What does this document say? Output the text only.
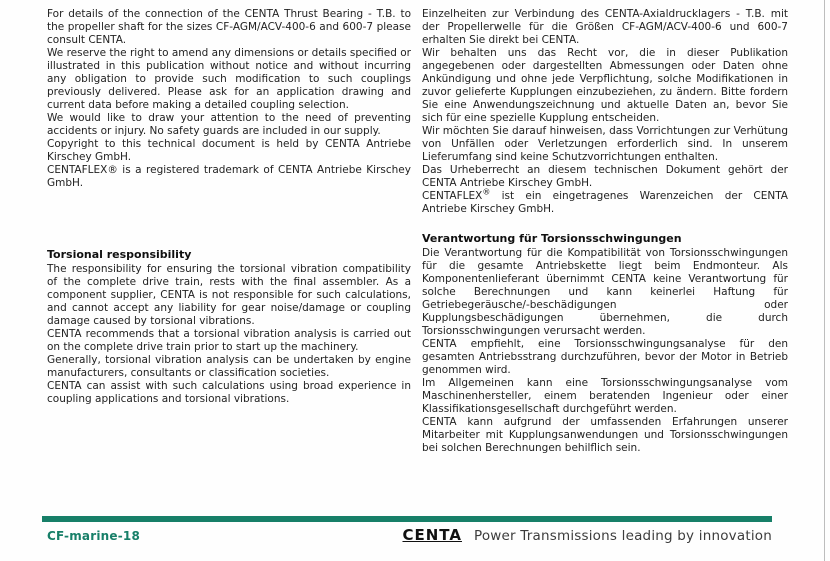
For details of the connection of the CENTA Thrust Bearing - T.B. to the propeller shaft for the sizes CF-AGM/ACV-400-6 and 600-7 please consult CENTA.

We reserve the right to amend any dimensions or details specified or illustrated in this publication without notice and without incurring any obligation to provide such modification to such couplings previously delivered. Please ask for an application drawing and current data before making a detailed coupling selection.

We would like to draw your attention to the need of preventing accidents or injury. No safety guards are included in our supply.

Copyright to this technical document is held by CENTA Antriebe Kirschey GmbH.

CENTAFLEX® is a registered trademark of CENTA Antriebe Kirschey GmbH.

Torsional responsibility

The responsibility for ensuring the torsional vibration compatibility of the complete drive train, rests with the final assembler. As a component supplier, CENTA is not responsible for such calculations, and cannot accept any liability for gear noise/damage or coupling damage caused by torsional vibrations.

CENTA recommends that a torsional vibration analysis is carried out on the complete drive train prior to start up the machinery.

Generally, torsional vibration analysis can be undertaken by engine manufacturers, consultants or classification societies.

CENTA can assist with such calculations using broad experience in coupling applications and torsional vibrations.

Einzelheiten zur Verbindung des CENTA-Axialdrucklagers - T.B. mit der Propellerwelle für die Größen CF-AGM/ACV-400-6 und 600-7 erhalten Sie direkt bei CENTA.

Wir behalten uns das Recht vor, die in dieser Publikation angegebenen oder dargestellten Abmessungen oder Daten ohne Ankündigung und ohne jede Verpflichtung, solche Modifikationen in zuvor gelieferte Kupplungen einzubeziehen, zu ändern. Bitte fordern Sie eine Anwendungszeichnung und aktuelle Daten an, bevor Sie sich für eine spezielle Kupplung entscheiden.

Wir möchten Sie darauf hinweisen, dass Vorrichtungen zur Verhütung von Unfällen oder Verletzungen erforderlich sind. In unserem Lieferumfang sind keine Schutzvorrichtungen enthalten.

Das Urheberrecht an diesem technischen Dokument gehört der CENTA Antriebe Kirschey GmbH.

CENTAFLEX® ist ein eingetragenes Warenzeichen der CENTA Antriebe Kirschey GmbH.

Verantwortung für Torsionsschwingungen

Die Verantwortung für die Kompatibilität von Torsionsschwingungen für die gesamte Antriebskette liegt beim Endmonteur. Als Komponentenlieferant übernimmt CENTA keine Verantwortung für solche Berechnungen und kann keinerlei Haftung für Getriebegeräusche/-beschädigungen oder Kupplungsbeschädigungen übernehmen, die durch Torsionsschwingungen verursacht werden.

CENTA empfiehlt, eine Torsionsschwingungsanalyse für den gesamten Antriebsstrang durchzuführen, bevor der Motor in Betrieb genommen wird.

Im Allgemeinen kann eine Torsionsschwingungsanalyse vom Maschinenhersteller, einem beratenden Ingenieur oder einer Klassifikationsgesellschaft durchgeführt werden.

CENTA kann aufgrund der umfassenden Erfahrungen unserer Mitarbeiter mit Kupplungsanwendungen und Torsionsschwingungen bei solchen Berechnungen behilflich sein.

CF-marine-18	CENTA Power Transmissions leading by innovation
